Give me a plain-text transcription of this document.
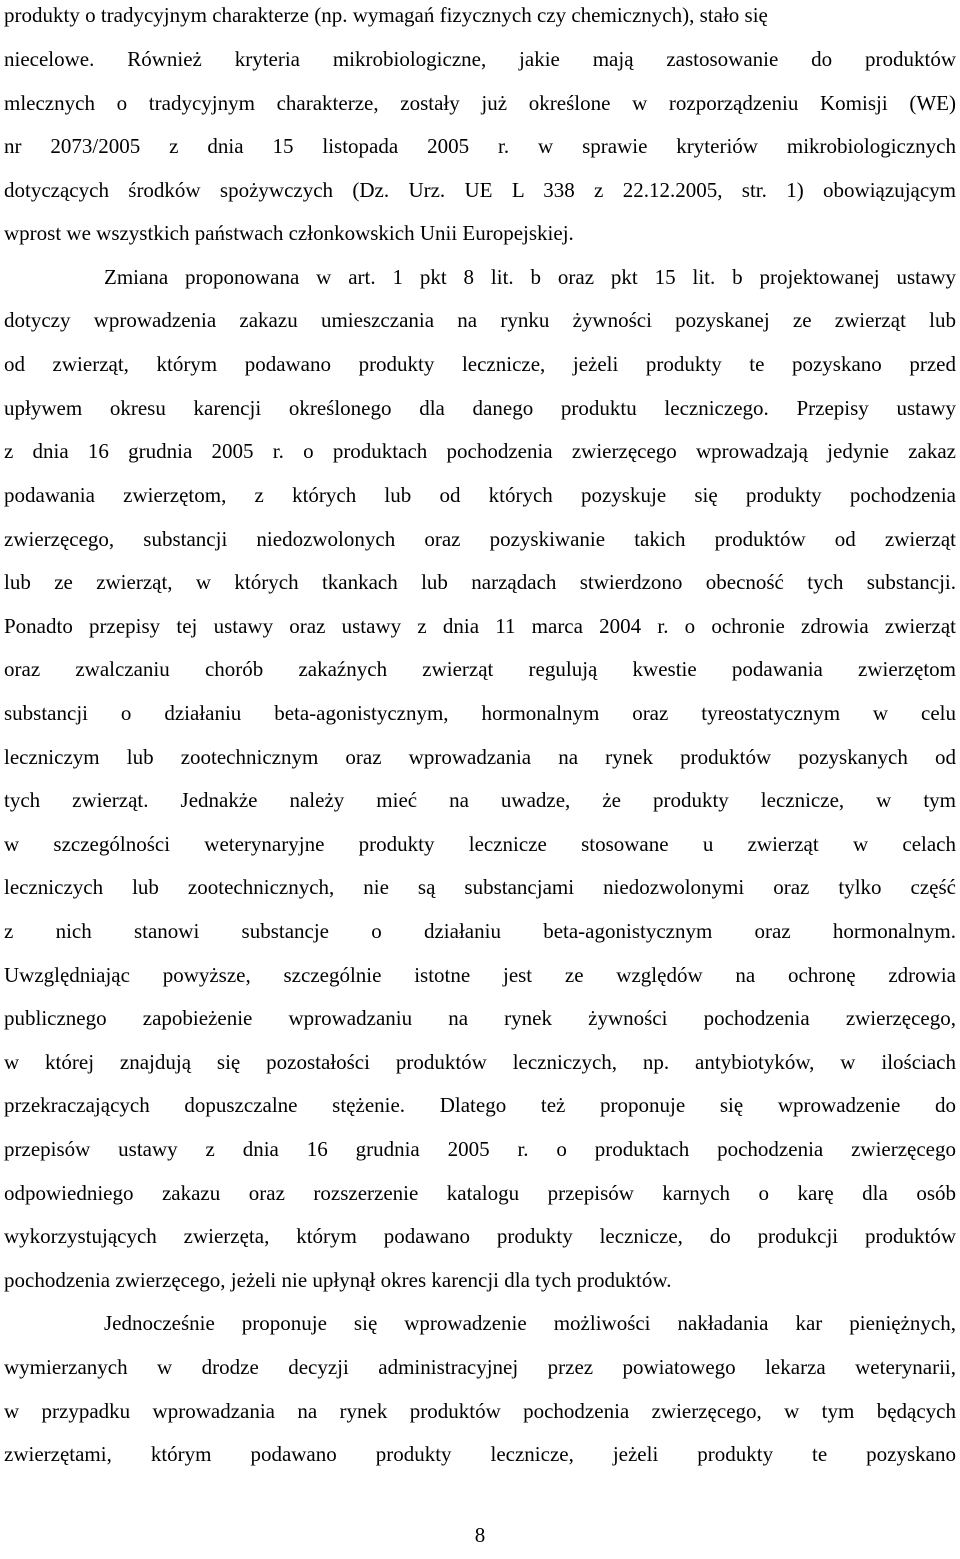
produkty o tradycyjnym charakterze (np. wymagań fizycznych czy chemicznych), stało się

niecelowe. Również kryteria mikrobiologiczne, jakie mają zastosowanie do produktów

mlecznych o tradycyjnym charakterze, zostały już określone w rozporządzeniu Komisji (WE)

nr 2073/2005 z dnia 15 listopada 2005 r. w sprawie kryteriów mikrobiologicznych

dotyczących środków spożywczych (Dz. Urz. UE L 338 z 22.12.2005, str. 1) obowiązującym

wprost we wszystkich państwach członkowskich Unii Europejskiej.

Zmiana proponowana w art. 1 pkt 8 lit. b oraz pkt 15 lit. b projektowanej ustawy

dotyczy wprowadzenia zakazu umieszczania na rynku żywności pozyskanej ze zwierząt lub

od zwierząt, którym podawano produkty lecznicze, jeżeli produkty te pozyskano przed

upływem okresu karencji określonego dla danego produktu leczniczego. Przepisy ustawy

z dnia 16 grudnia 2005 r. o produktach pochodzenia zwierzęcego wprowadzają jedynie zakaz

podawania zwierzętom, z których lub od których pozyskuje się produkty pochodzenia

zwierzęcego, substancji niedozwolonych oraz pozyskiwanie takich produktów od zwierząt

lub ze zwierząt, w których tkankach lub narządach stwierdzono obecność tych substancji.

Ponadto przepisy tej ustawy oraz ustawy z dnia 11 marca 2004 r. o ochronie zdrowia zwierząt

oraz zwalczaniu chorób zakaźnych zwierząt regulują kwestie podawania zwierzętom

substancji o działaniu beta-agonistycznym, hormonalnym oraz tyreostatycznym w celu

leczniczym lub zootechnicznym oraz wprowadzania na rynek produktów pozyskanych od

tych zwierząt. Jednakże należy mieć na uwadze, że produkty lecznicze, w tym

w szczególności weterynaryjne produkty lecznicze stosowane u zwierząt w celach

leczniczych lub zootechnicznych, nie są substancjami niedozwolonymi oraz tylko część

z nich stanowi substancje o działaniu beta-agonistycznym oraz hormonalnym.

Uwzględniając powyższe, szczególnie istotne jest ze względów na ochronę zdrowia

publicznego zapobieżenie wprowadzaniu na rynek żywności pochodzenia zwierzęcego,

w której znajdują się pozostałości produktów leczniczych, np. antybiotyków, w ilościach

przekraczających dopuszczalne stężenie. Dlatego też proponuje się wprowadzenie do

przepisów ustawy z dnia 16 grudnia 2005 r. o produktach pochodzenia zwierzęcego

odpowiedniego zakazu oraz rozszerzenie katalogu przepisów karnych o karę dla osób

wykorzystujących zwierzęta, którym podawano produkty lecznicze, do produkcji produktów

pochodzenia zwierzęcego, jeżeli nie upłynął okres karencji dla tych produktów.

Jednocześnie proponuje się wprowadzenie możliwości nakładania kar pieniężnych,

wymierzanych w drodze decyzji administracyjnej przez powiatowego lekarza weterynarii,

w przypadku wprowadzania na rynek produktów pochodzenia zwierzęcego, w tym będących

zwierzętami, którym podawano produkty lecznicze, jeżeli produkty te pozyskano

8
